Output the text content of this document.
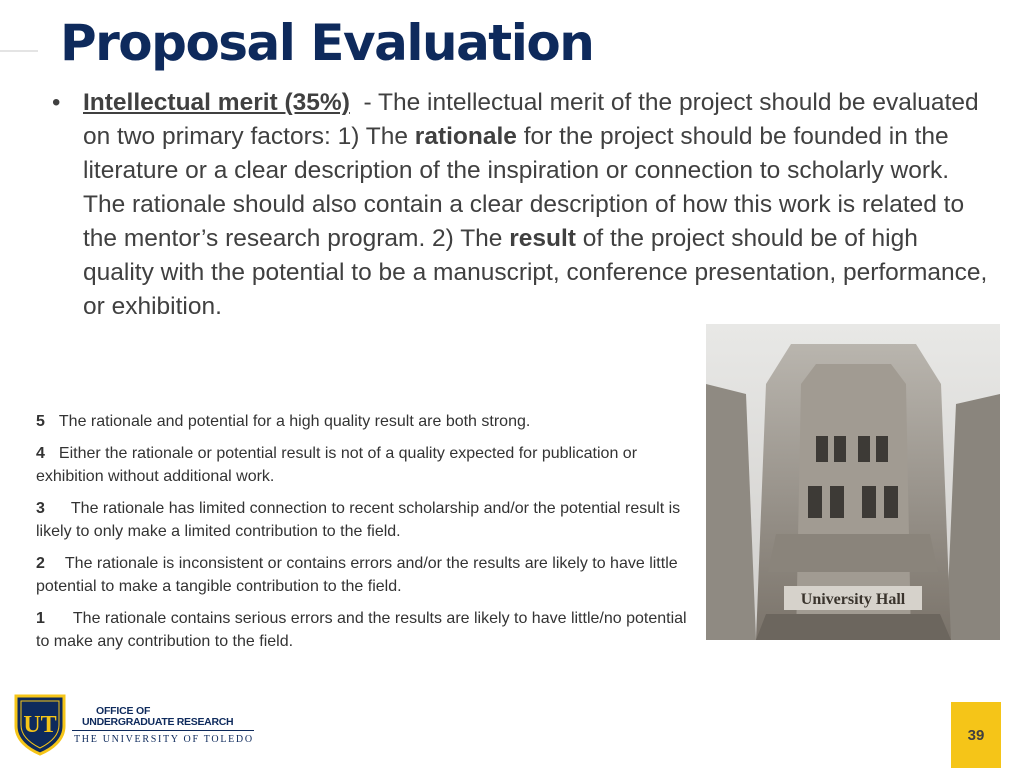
Proposal Evaluation
• Intellectual merit (35%)  - The intellectual merit of the project should be evaluated on two primary factors: 1) The rationale for the project should be founded in the literature or a clear description of the inspiration or connection to scholarly work. The rationale should also contain a clear description of how this work is related to the mentor’s research program. 2) The result of the project should be of high quality with the potential to be a manuscript, conference presentation, performance, or exhibition.

University Hall

5 The rationale and potential for a high quality result are both strong.

4 Either the rationale or potential result is not of a quality expected for publication or exhibition without additional work.

3 The rationale has limited connection to recent scholarship and/or the potential result is likely to only make a limited contribution to the field.

2 The rationale is inconsistent or contains errors and/or the results are likely to have little potential to make a tangible contribution to the field.

1 The rationale contains serious errors and the results are likely to have little/no potential to make any contribution to the field.

UT
OFFICE OF
UNDERGRADUATE RESEARCH
THE UNIVERSITY OF TOLEDO	39
